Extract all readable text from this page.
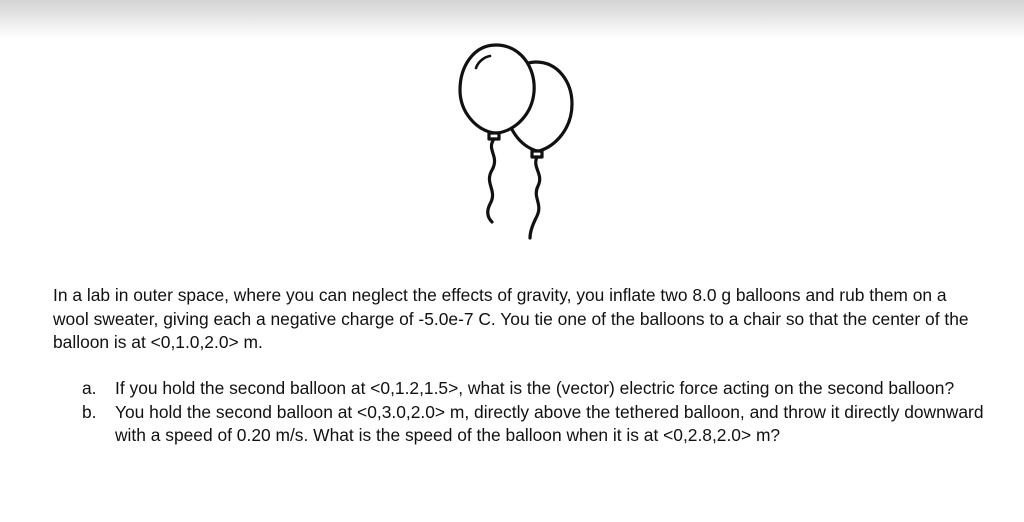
In a lab in outer space, where you can neglect the effects of gravity, you inflate two 8.0 g balloons and rub them on a wool sweater, giving each a negative charge of -5.0e-7 C. You tie one of the balloons to a chair so that the center of the balloon is at <0,1.0,2.0> m.

a. If you hold the second balloon at <0,1.2,1.5>, what is the (vector) electric force acting on the second balloon?
b. You hold the second balloon at <0,3.0,2.0> m, directly above the tethered balloon, and throw it directly downward with a speed of 0.20 m/s. What is the speed of the balloon when it is at <0,2.8,2.0> m?
